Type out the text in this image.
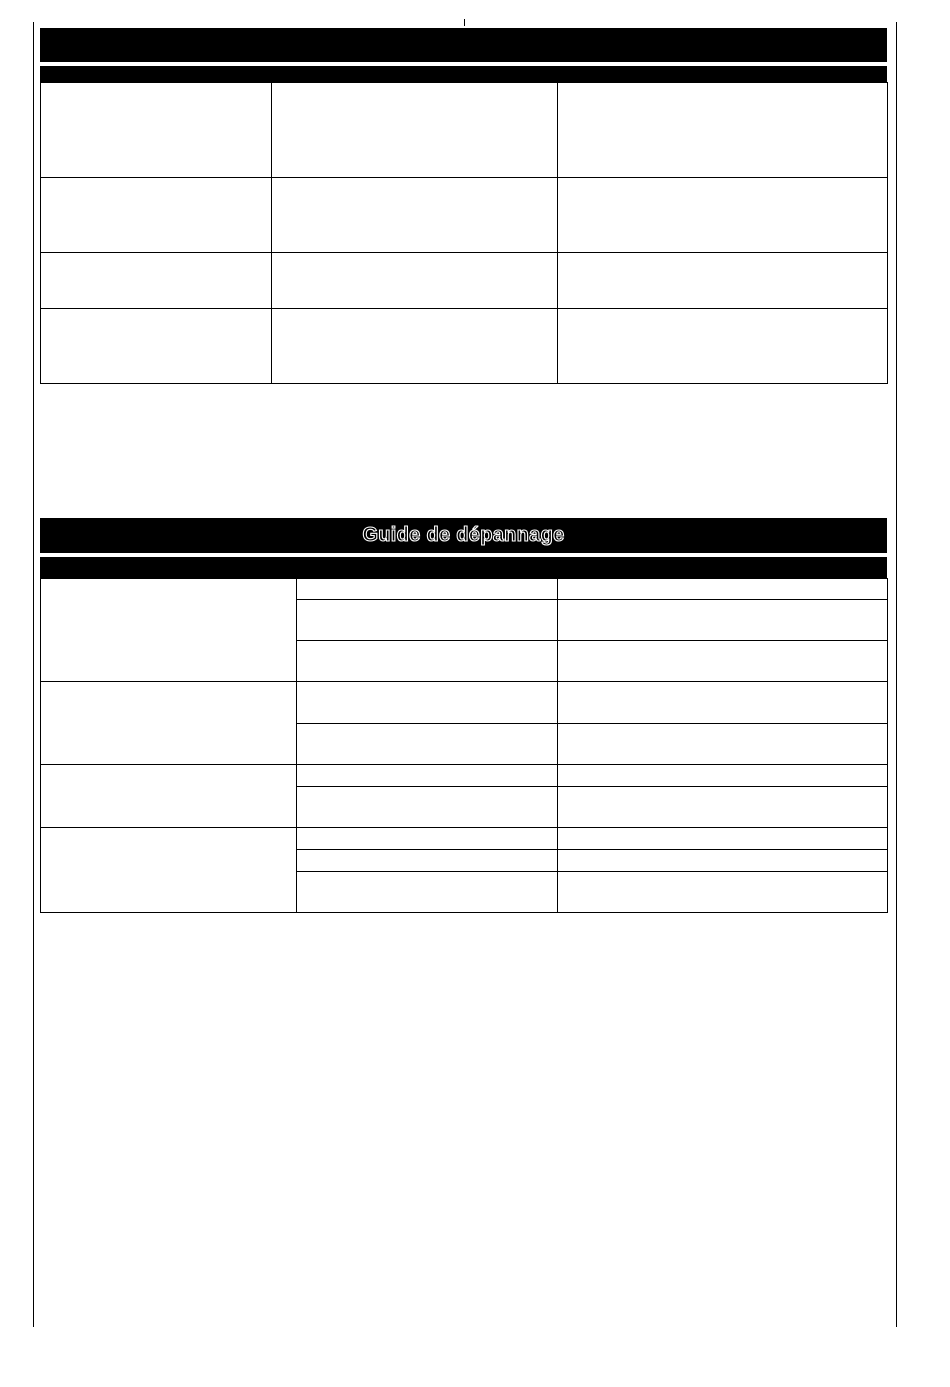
Guide de dépannage
